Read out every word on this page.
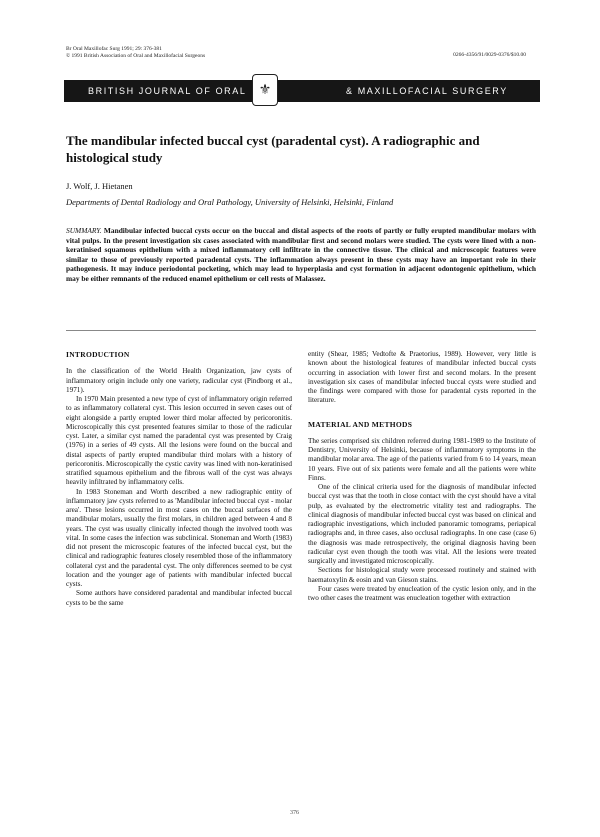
Br Oral Maxillofac Surg 1991; 29: 376-381
© 1991 British Association of Oral and Maxillofacial Surgeons	0266-4356/91/0029-0376/$10.00
BRITISH JOURNAL OF ORAL	& MAXILLOFACIAL SURGERY
⚜
The mandibular infected buccal cyst (paradental cyst). A radiographic and histological study
J. Wolf, J. Hietanen
Departments of Dental Radiology and Oral Pathology, University of Helsinki, Helsinki, Finland
SUMMARY. Mandibular infected buccal cysts occur on the buccal and distal aspects of the roots of partly or fully erupted mandibular molars with vital pulps. In the present investigation six cases associated with mandibular first and second molars were studied. The cysts were lined with a non-keratinised squamous epithelium with a mixed inflammatory cell infiltrate in the connective tissue. The clinical and microscopic features were similar to those of previously reported paradental cysts. The inflammation always present in these cysts may have an important role in their pathogenesis. It may induce periodontal pocketing, which may lead to hyperplasia and cyst formation in adjacent odontogenic epithelium, which may be either remnants of the reduced enamel epithelium or cell rests of Malassez.
INTRODUCTION

In the classification of the World Health Organization, jaw cysts of inflammatory origin include only one variety, radicular cyst (Pindborg et al., 1971).

In 1970 Main presented a new type of cyst of inflammatory origin referred to as inflammatory collateral cyst. This lesion occurred in seven cases out of eight alongside a partly erupted lower third molar affected by pericoronitis. Microscopically this cyst presented features similar to those of the radicular cyst. Later, a similar cyst named the paradental cyst was presented by Craig (1976) in a series of 49 cysts. All the lesions were found on the buccal and distal aspects of partly erupted mandibular third molars with a history of pericoronitis. Microscopically the cystic cavity was lined with non-keratinised stratified squamous epithelium and the fibrous wall of the cyst was always heavily infiltrated by inflammatory cells.

In 1983 Stoneman and Worth described a new radiographic entity of inflammatory jaw cysts referred to as 'Mandibular infected buccal cyst - molar area'. These lesions occurred in most cases on the buccal surfaces of the mandibular molars, usually the first molars, in children aged between 4 and 8 years. The cyst was usually clinically infected though the involved tooth was vital. In some cases the infection was subclinical. Stoneman and Worth (1983) did not present the microscopic features of the infected buccal cyst, but the clinical and radiographic features closely resembled those of the inflammatory collateral cyst and the paradental cyst. The only differences seemed to be cyst location and the younger age of patients with mandibular infected buccal cysts.

Some authors have considered paradental and mandibular infected buccal cysts to be the same

entity (Shear, 1985; Vedtofte & Praetorius, 1989). However, very little is known about the histological features of mandibular infected buccal cysts occurring in association with lower first and second molars. In the present investigation six cases of mandibular infected buccal cysts were studied and the findings were compared with those for paradental cysts reported in the literature.

MATERIAL AND METHODS

The series comprised six children referred during 1981-1989 to the Institute of Dentistry, University of Helsinki, because of inflammatory symptoms in the mandibular molar area. The age of the patients varied from 6 to 14 years, mean 10 years. Five out of six patients were female and all the patients were white Finns.

One of the clinical criteria used for the diagnosis of mandibular infected buccal cyst was that the tooth in close contact with the cyst should have a vital pulp, as evaluated by the electrometric vitality test and radiographs. The clinical diagnosis of mandibular infected buccal cyst was based on clinical and radiographic investigations, which included panoramic tomograms, periapical radiographs and, in three cases, also occlusal radiographs. In one case (case 6) the diagnosis was made retrospectively, the original diagnosis having been radicular cyst even though the tooth was vital. All the lesions were treated surgically and investigated microscopically.

Sections for histological study were processed routinely and stained with haematoxylin & eosin and van Gieson stains.

Four cases were treated by enucleation of the cystic lesion only, and in the two other cases the treatment was enucleation together with extraction

376
